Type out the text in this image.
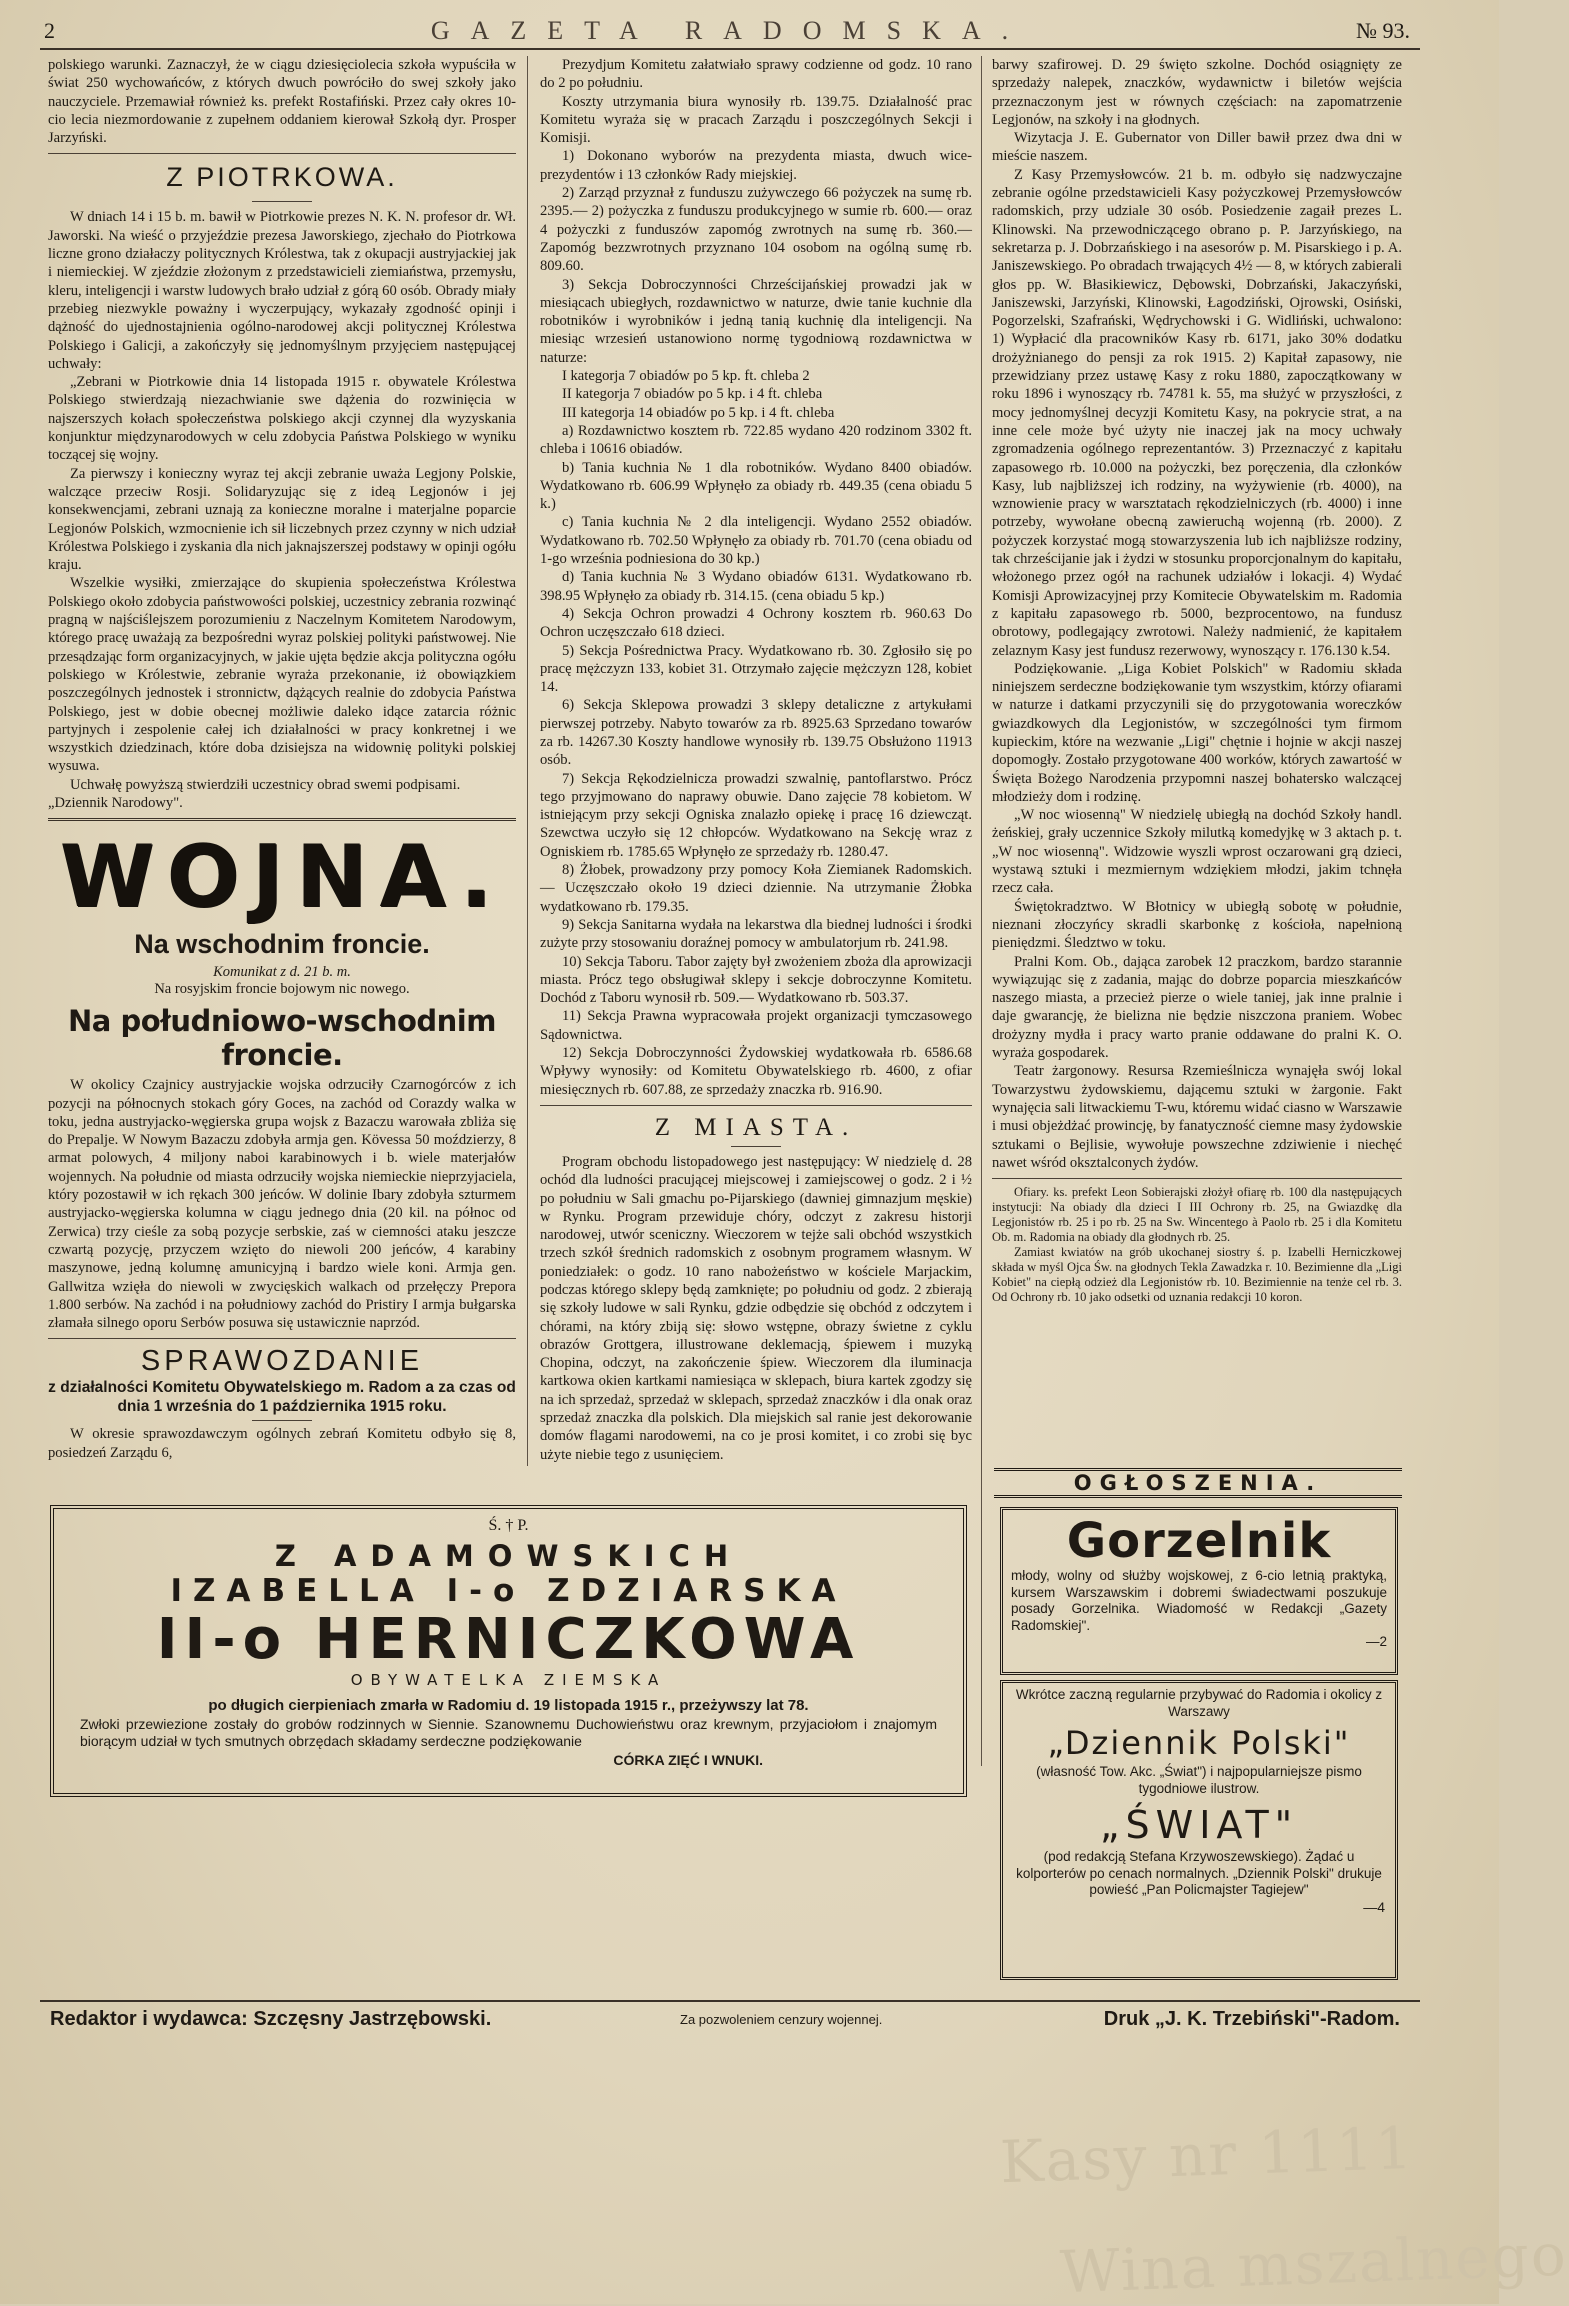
2	GAZETA RADOMSKA.	№ 93.

polskiego warunki. Zaznaczył, że w ciągu dziesięciolecia szkoła wypuściła w świat 250 wychowańców, z których dwuch powróciło do swej szkoły jako nauczyciele. Przemawiał również ks. prefekt Rostafiński. Przez cały okres 10-cio lecia niezmordowanie z zupełnem oddaniem kierował Szkołą dyr. Prosper Jarzyński.

Z PIOTRKOWA.

W dniach 14 i 15 b. m. bawił w Piotrkowie prezes N. K. N. profesor dr. Wł. Jaworski. Na wieść o przyjeździe prezesa Jaworskiego, zjechało do Piotrkowa liczne grono działaczy politycznych Królestwa, tak z okupacji austryjackiej jak i niemieckiej. W zjeździe złożonym z przedstawicieli ziemiaństwa, przemysłu, kleru, inteligencji i warstw ludowych brało udział z górą 60 osób. Obrady miały przebieg niezwykle poważny i wyczerpujący, wykazały zgodność opinji i dążność do ujednostajnienia ogólno-narodowej akcji politycznej Królestwa Polskiego i Galicji, a zakończyły się jednomyślnym przyjęciem następującej uchwały:

„Zebrani w Piotrkowie dnia 14 listopada 1915 r. obywatele Królestwa Polskiego stwierdzają niezachwianie swe dążenia do rozwinięcia w najszerszych kołach społeczeństwa polskiego akcji czynnej dla wyzyskania konjunktur międzynarodowych w celu zdobycia Państwa Polskiego w wyniku toczącej się wojny.

Za pierwszy i konieczny wyraz tej akcji zebranie uważa Legjony Polskie, walczące przeciw Rosji. Solidaryzując się z ideą Legjonów i jej konsekwencjami, zebrani uznają za konieczne moralne i materjalne poparcie Legjonów Polskich, wzmocnienie ich sił liczebnych przez czynny w nich udział Królestwa Polskiego i zyskania dla nich jaknajszerszej podstawy w opinji ogółu kraju.

Wszelkie wysiłki, zmierzające do skupienia społeczeństwa Królestwa Polskiego około zdobycia państwowości polskiej, uczestnicy zebrania rozwinąć pragną w najściślejszem porozumieniu z Naczelnym Komitetem Narodowym, którego pracę uważają za bezpośredni wyraz polskiej polityki państwowej. Nie przesądzając form organizacyjnych, w jakie ujęta będzie akcja polityczna ogółu polskiego w Królestwie, zebranie wyraża przekonanie, iż obowiązkiem poszczególnych jednostek i stronnictw, dążących realnie do zdobycia Państwa Polskiego, jest w dobie obecnej możliwie daleko idące zatarcia różnic partyjnych i zespolenie całej ich działalności w pracy konkretnej i we wszystkich dziedzinach, które doba dzisiejsza na widownię polityki polskiej wysuwa.

Uchwałę powyższą stwierdziłi uczestnicy obrad swemi podpisami.

„Dziennik Narodowy".

WOJNA.
Na wschodnim froncie.
Komunikat z d. 21 b. m.
Na rosyjskim froncie bojowym nic nowego.
Na południowo-wschodnim froncie.

W okolicy Czajnicy austryjackie wojska odrzuciły Czarnogórców z ich pozycji na północnych stokach góry Goces, na zachód od Corazdy walka w toku, jedna austryjacko-węgierska grupa wojsk z Bazaczu warowała zbliża się do Prepalje. W Nowym Bazaczu zdobyła armja gen. Kövessa 50 moździerzy, 8 armat polowych, 4 miljony naboi karabinowych i b. wiele materjałów wojennych. Na południe od miasta odrzuciły wojska niemieckie nieprzyjaciela, który pozostawił w ich rękach 300 jeńców. W dolinie Ibary zdobyła szturmem austryjacko-węgierska kolumna w ciągu jednego dnia (20 kil. na północ od Zerwica) trzy cieśle za sobą pozycje serbskie, zaś w ciemności ataku jeszcze czwartą pozycję, przyczem wzięto do niewoli 200 jeńców, 4 karabiny maszynowe, jedną kolumnę amunicyjną i bardzo wiele koni. Armja gen. Gallwitza wzięła do niewoli w zwycięskich walkach od przełęczy Prepora 1.800 serbów. Na zachód i na południowy zachód do Pristiry I armja bułgarska złamała silnego oporu Serbów posuwa się ustawicznie naprzód.

SPRAWOZDANIE
z działalności Komitetu Obywatelskiego m. Radom a za czas od dnia 1 września do 1 października 1915 roku.

W okresie sprawozdawczym ogólnych zebrań Komitetu odbyło się 8, posiedzeń Zarządu 6,

Prezydjum Komitetu załatwiało sprawy codzienne od godz. 10 rano do 2 po południu.

Koszty utrzymania biura wynosiły rb. 139.75. Działalność prac Komitetu wyraża się w pracach Zarządu i poszczególnych Sekcji i Komisji.

1) Dokonano wyborów na prezydenta miasta, dwuch wice-prezydentów i 13 członków Rady miejskiej.

2) Zarząd przyznał z funduszu zużywczego 66 pożyczek na sumę rb. 2395.— 2) pożyczka z funduszu produkcyjnego w sumie rb. 600.— oraz 4 pożyczki z funduszów zapomóg zwrotnych na sumę rb. 360.— Zapomóg bezzwrotnych przyznano 104 osobom na ogólną sumę rb. 809.60.

3) Sekcja Dobroczynności Chrześcijańskiej prowadzi jak w miesiącach ubiegłych, rozdawnictwo w naturze, dwie tanie kuchnie dla robotników i wyrobników i jedną tanią kuchnię dla inteligencji. Na miesiąc wrzesień ustanowiono normę tygodniową rozdawnictwa w naturze:

I kategorja 7 obiadów po 5 kp. ft. chleba 2

II kategorja 7 obiadów po 5 kp. i 4 ft. chleba

III kategorja 14 obiadów po 5 kp. i 4 ft. chleba

a) Rozdawnictwo kosztem rb. 722.85 wydano 420 rodzinom 3302 ft. chleba i 10616 obiadów.

b) Tania kuchnia № 1 dla robotników. Wydano 8400 obiadów. Wydatkowano rb. 606.99 Wpłynęło za obiady rb. 449.35 (cena obiadu 5 k.)

c) Tania kuchnia № 2 dla inteligencji. Wydano 2552 obiadów. Wydatkowano rb. 702.50 Wpłynęło za obiady rb. 701.70 (cena obiadu od 1-go września podniesiona do 30 kp.)

d) Tania kuchnia № 3 Wydano obiadów 6131. Wydatkowano rb. 398.95 Wpłynęło za obiady rb. 314.15. (cena obiadu 5 kp.)

4) Sekcja Ochron prowadzi 4 Ochrony kosztem rb. 960.63 Do Ochron uczęszczało 618 dzieci.

5) Sekcja Pośrednictwa Pracy. Wydatkowano rb. 30. Zgłosiło się po pracę mężczyzn 133, kobiet 31. Otrzymało zajęcie mężczyzn 128, kobiet 14.

6) Sekcja Sklepowa prowadzi 3 sklepy detaliczne z artykułami pierwszej potrzeby. Nabyto towarów za rb. 8925.63 Sprzedano towarów za rb. 14267.30 Koszty handlowe wynosiły rb. 139.75 Obsłużono 11913 osób.

7) Sekcja Rękodzielnicza prowadzi szwalnię, pantoflarstwo. Prócz tego przyjmowano do naprawy obuwie. Dano zajęcie 78 kobietom. W istniejącym przy sekcji Ogniska znalazło opiekę i pracę 16 dziewcząt. Szewctwa uczyło się 12 chłopców. Wydatkowano na Sekcję wraz z Ogniskiem rb. 1785.65 Wpłynęło ze sprzedaży rb. 1280.47.

8) Żłobek, prowadzony przy pomocy Koła Ziemianek Radomskich. — Uczęszczało około 19 dzieci dziennie. Na utrzymanie Żłobka wydatkowano rb. 179.35.

9) Sekcja Sanitarna wydała na lekarstwa dla biednej ludności i środki zużyte przy stosowaniu doraźnej pomocy w ambulatorjum rb. 241.98.

10) Sekcja Taboru. Tabor zajęty był zwożeniem zboża dla aprowizacji miasta. Prócz tego obsługiwał sklepy i sekcje dobroczynne Komitetu. Dochód z Taboru wynosił rb. 509.— Wydatkowano rb. 503.37.

11) Sekcja Prawna wypracowała projekt organizacji tymczasowego Sądownictwa.

12) Sekcja Dobroczynności Żydowskiej wydatkowała rb. 6586.68 Wpływy wynosiły: od Komitetu Obywatelskiego rb. 4600, z ofiar miesięcznych rb. 607.88, ze sprzedaży znaczka rb. 916.90.

Z MIASTA.

Program obchodu listopadowego jest następujący: W niedzielę d. 28 ochód dla ludności pracującej miejscowej i zamiejscowej o godz. 2 i ½ po południu w Sali gmachu po-Pijarskiego (dawniej gimnazjum męskie) w Rynku. Program przewiduje chóry, odczyt z zakresu historji narodowej, utwór sceniczny. Wieczorem w tejże sali obchód wszystkich trzech szkół średnich radomskich z osobnym programem własnym. W poniedziałek: o godz. 10 rano nabożeństwo w kościele Marjackim, podczas którego sklepy będą zamknięte; po południu od godz. 2 zbierają się szkoły ludowe w sali Rynku, gdzie odbędzie się obchód z odczytem i chórami, na który zbiją się: słowo wstępne, obrazy świetne z cyklu obrazów Grottgera, illustrowane deklemacją, śpiewem i muzyką Chopina, odczyt, na zakończenie śpiew. Wieczorem dla iluminacja kartkowa okien kartkami namiesiąca w sklepach, biura kartek zgodzy się na ich sprzedaż, sprzedaż w sklepach, sprzedaż znaczków i dla onak oraz sprzedaż znaczka dla polskich. Dla miejskich sal ranie jest dekorowanie domów flagami narodowemi, na co je prosi komitet, i co zrobi się byc użyte niebie tego z usunięciem.

barwy szafirowej. D. 29 święto szkolne. Dochód osiągnięty ze sprzedaży nalepek, znaczków, wydawnictw i biletów wejścia przeznaczonym jest w równych częściach: na zapomatrzenie Legjonów, na szkoły i na głodnych.

Wizytacja J. E. Gubernator von Diller bawił przez dwa dni w mieście naszem.

Z Kasy Przemysłowców. 21 b. m. odbyło się nadzwyczajne zebranie ogólne przedstawicieli Kasy pożyczkowej Przemysłowców radomskich, przy udziale 30 osób. Posiedzenie zagaił prezes L. Klinowski. Na przewodniczącego obrano p. P. Jarzyńskiego, na sekretarza p. J. Dobrzańskiego i na asesorów p. M. Pisarskiego i p. A. Janiszewskiego. Po obradach trwających 4½ — 8, w których zabierali głos pp. W. Błasikiewicz, Dębowski, Dobrzański, Jakaczyński, Janiszewski, Jarzyński, Klinowski, Łagodziński, Ojrowski, Osiński, Pogorzelski, Szafrański, Wędrychowski i G. Widliński, uchwalono: 1) Wypłacić dla pracowników Kasy rb. 6171, jako 30% dodatku drożyżnianego do pensji za rok 1915. 2) Kapitał zapasowy, nie przewidziany przez ustawę Kasy z roku 1880, zapoczątkowany w roku 1896 i wynoszący rb. 74781 k. 55, ma służyć w przyszłości, z mocy jednomyślnej decyzji Komitetu Kasy, na pokrycie strat, a na inne cele może być użyty nie inaczej jak na mocy uchwały zgromadzenia ogólnego reprezentantów. 3) Przeznaczyć z kapitału zapasowego rb. 10.000 na pożyczki, bez poręczenia, dla członków Kasy, lub najbliższej ich rodziny, na wyżywienie (rb. 4000), na wznowienie pracy w warsztatach rękodzielniczych (rb. 4000) i inne potrzeby, wywołane obecną zawieruchą wojenną (rb. 2000). Z pożyczek korzystać mogą stowarzyszenia lub ich najbliższe rodziny, tak chrześcijanie jak i żydzi w stosunku proporcjonalnym do kapitału, włożonego przez ogół na rachunek udziałów i lokacji. 4) Wydać Komisji Aprowizacyjnej przy Komitecie Obywatelskim m. Radomia z kapitału zapasowego rb. 5000, bezprocentowo, na fundusz obrotowy, podlegający zwrotowi. Należy nadmienić, że kapitałem zelaznym Kasy jest fundusz rezerwowy, wynoszący r. 176.130 k.54.

Podziękowanie. „Liga Kobiet Polskich" w Radomiu składa niniejszem serdeczne bodziękowanie tym wszystkim, którzy ofiarami w naturze i datkami przyczynili się do przygotowania woreczków gwiazdkowych dla Legjonistów, w szczególności tym firmom kupieckim, które na wezwanie „Ligi" chętnie i hojnie w akcji naszej dopomogły. Zostało przygotowane 400 worków, których zawartość w Święta Bożego Narodzenia przypomni naszej bohatersko walczącej młodzieży dom i rodzinę.

„W noc wiosenną" W niedzielę ubiegłą na dochód Szkoły handl. żeńskiej, grały uczennice Szkoły milutką komedyjkę w 3 aktach p. t. „W noc wiosenną". Widzowie wyszli wprost oczarowani grą dzieci, wystawą sztuki i mezmiernym wdziękiem młodzi, jakim tchnęła rzecz cała.

Świętokradztwo. W Błotnicy w ubiegłą sobotę w południe, nieznani złoczyńcy skradli skarbonkę z kościoła, napełnioną pieniędzmi. Śledztwo w toku.

Pralni Kom. Ob., dająca zarobek 12 praczkom, bardzo starannie wywiązując się z zadania, mając do dobrze poparcia mieszkańców naszego miasta, a przecież pierze o wiele taniej, jak inne pralnie i daje gwarancję, że bielizna nie będzie niszczona praniem. Wobec drożyzny mydła i pracy warto pranie oddawane do pralni K. O. wyraża gospodarek.

Teatr żargonowy. Resursa Rzemieślnicza wynajęła swój lokal Towarzystwu żydowskiemu, dającemu sztuki w żargonie. Fakt wynajęcia sali litwackiemu T-wu, któremu widać ciasno w Warszawie i musi objeżdżać prowincję, by fanatyczność ciemne masy żydowskie sztukami o Bejlisie, wywołuje powszechne zdziwienie i niechęć nawet wśród oksztalconych żydów.

Ofiary. ks. prefekt Leon Sobierajski złożył ofiarę rb. 100 dla następujących instytucji: Na obiady dla dzieci I III Ochrony rb. 25, na Gwiazdkę dla Legjonistów rb. 25 i po rb. 25 na Sw. Wincentego à Paolo rb. 25 i dla Komitetu Ob. m. Radomia na obiady dla głodnych rb. 25.

Zamiast kwiatów na grób ukochanej siostry ś. p. Izabelli Herniczkowej składa w myśl Ojca Św. na głodnych Tekla Zawadzka r. 10. Bezimienne dla „Ligi Kobiet" na ciepłą odzież dla Legjonistów rb. 10. Bezimiennie na tenże cel rb. 3. Od Ochrony rb. 10 jako odsetki od uznania redakcji 10 koron.

OGŁOSZENIA.
Gorzelnik
młody, wolny od służby wojskowej, z 6-cio letnią praktyką, kursem Warszawskim i dobremi świadectwami poszukuje posady Gorzelnika. Wiadomość w Redakcji „Gazety Radomskiej".
—2
Wkrótce zaczną regularnie przybywać do Radomia i okolicy z Warszawy
„Dziennik Polski"
(własność Tow. Akc. „Świat") i najpopularniejsze pismo tygodniowe ilustrow.
„ŚWIAT"
(pod redakcją Stefana Krzywoszewskiego). Żądać u kolporterów po cenach normalnych. „Dziennik Polski" drukuje powieść „Pan Policmajster Tagiejew"
—4
Ś. † P.
Z ADAMOWSKICH
IZABELLA I-o ZDZIARSKA
II-o HERNICZKOWA
OBYWATELKA ZIEMSKA
po długich cierpieniach zmarła w Radomiu d. 19 listopada 1915 r., przeżywszy lat 78.
Zwłoki przewiezione zostały do grobów rodzinnych w Siennie. Szanownemu Duchowieństwu oraz krewnym, przyjaciołom i znajomym biorącym udział w tych smutnych obrzędach składamy serdeczne podziękowanie
CÓRKA ZIĘĆ I WNUKI.
Redaktor i wydawca: Szczęsny Jastrzębowski.	Za pozwoleniem cenzury wojennej.	Druk „J. K. Trzebiński"-Radom.
Kasy nr 1111
Wina mszalnego
